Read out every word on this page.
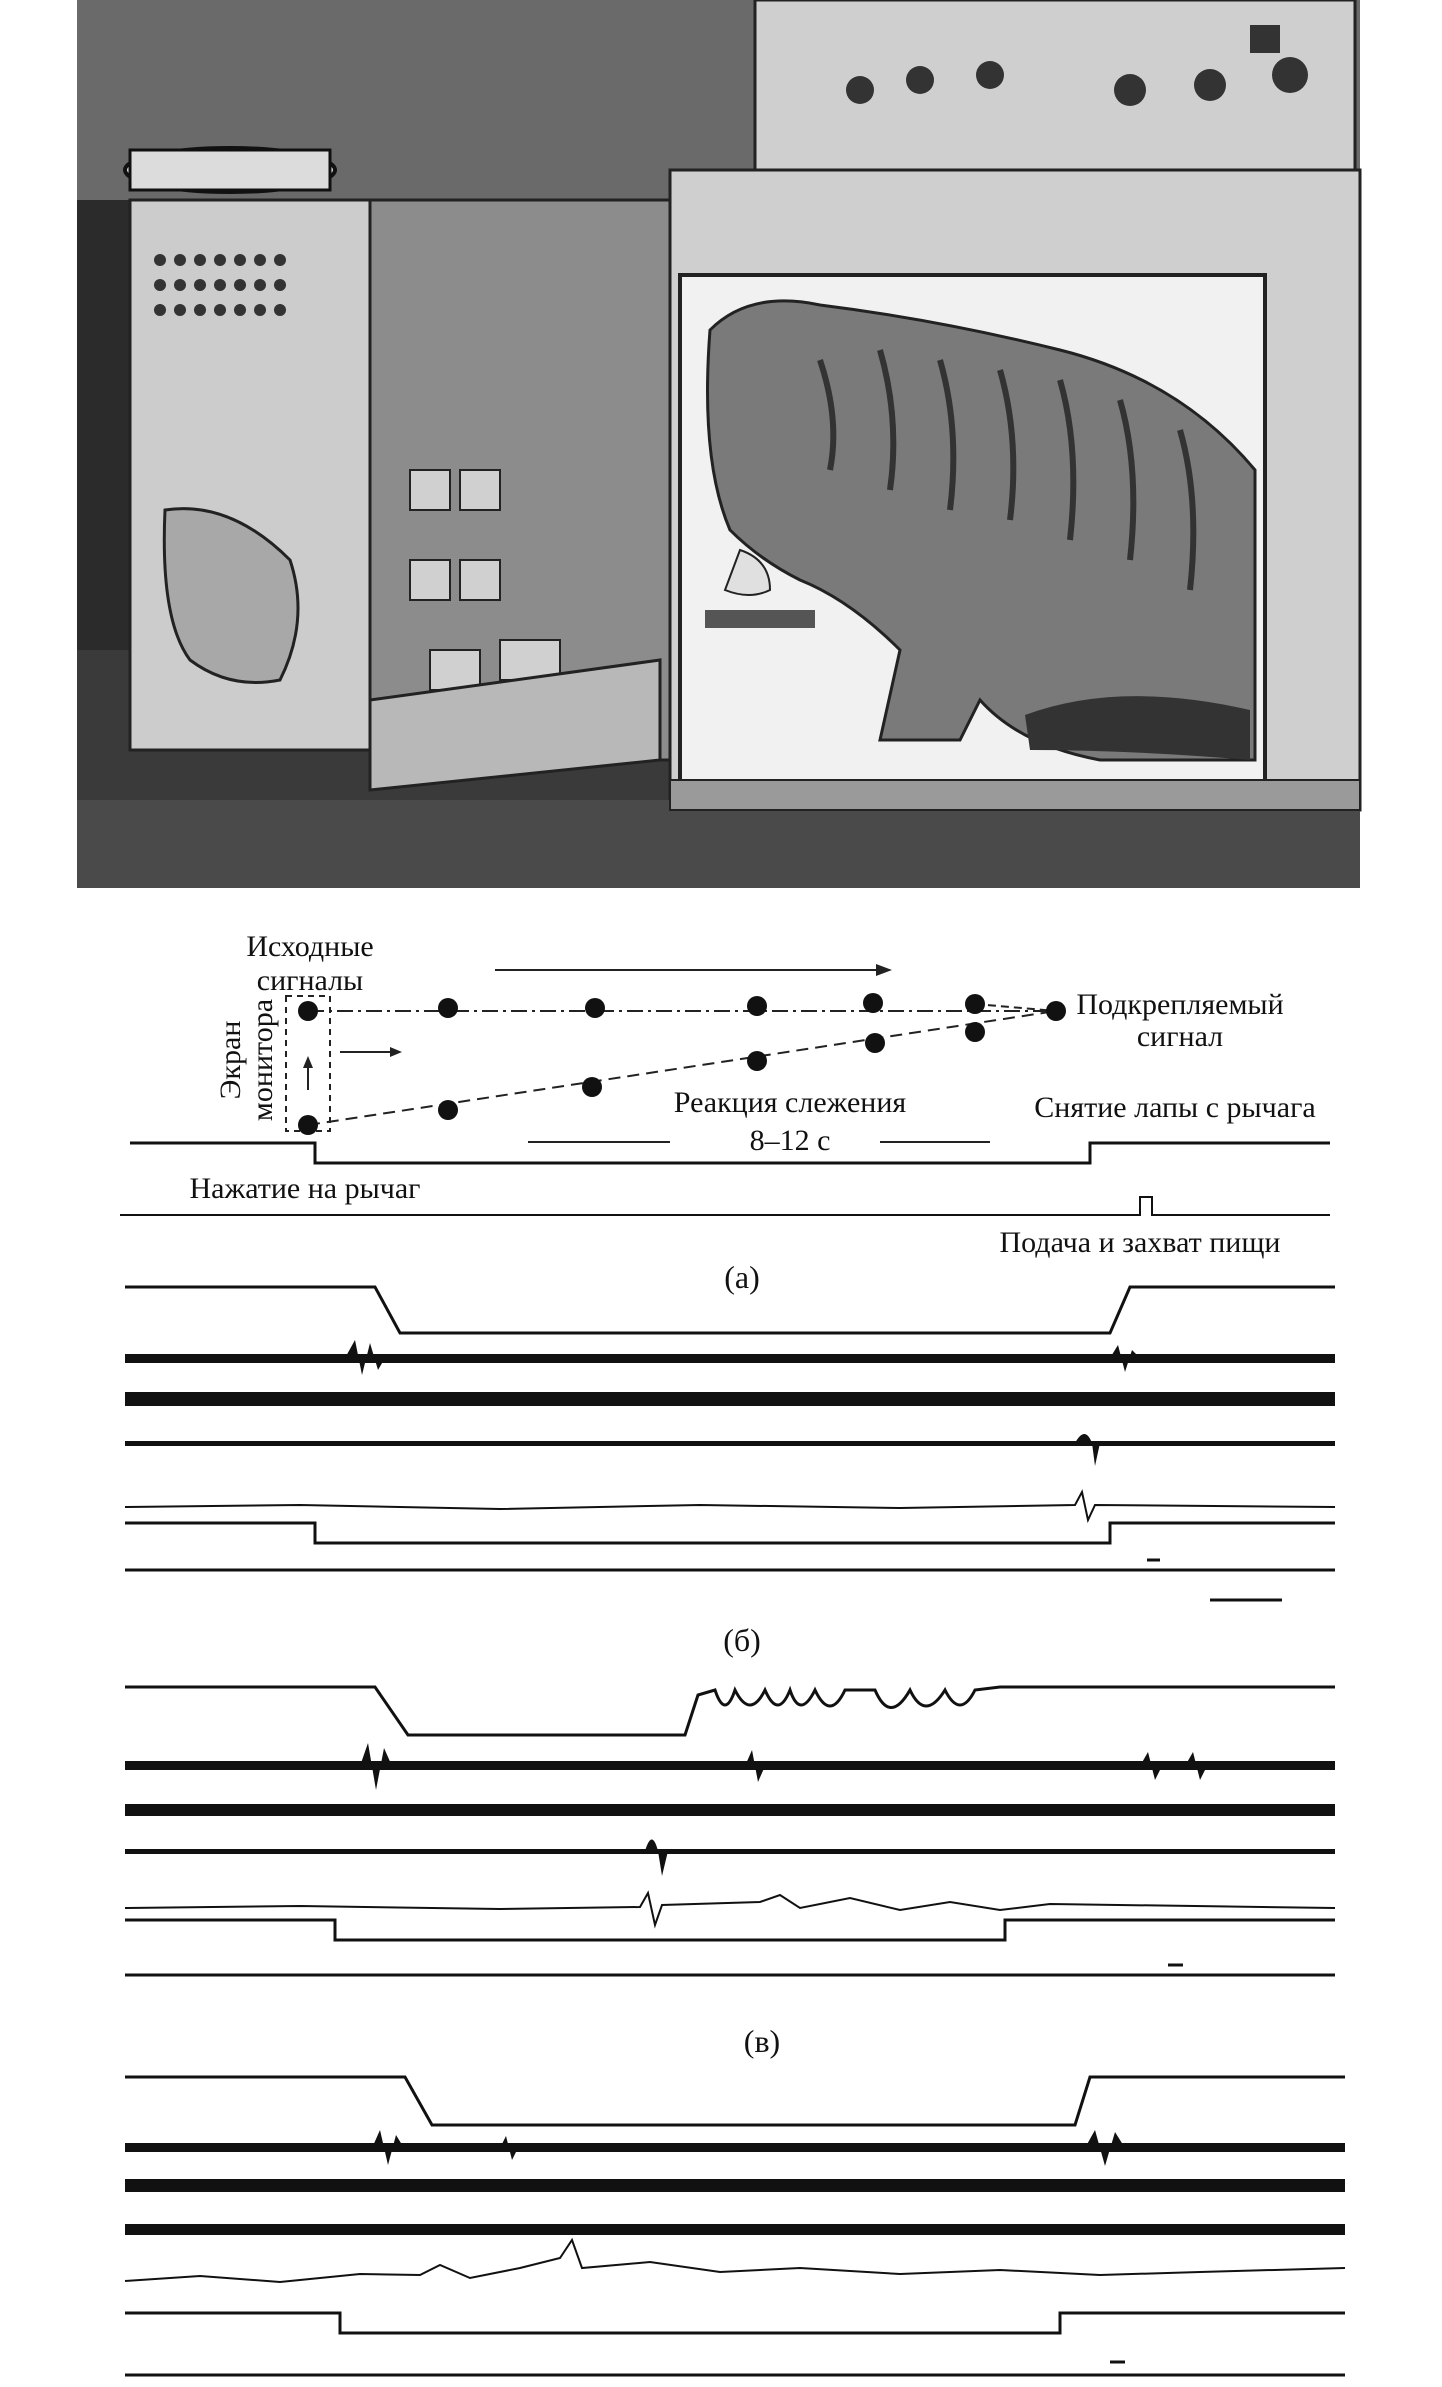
Исходные
сигналы
Экран монитора	Подкрепляемый
сигнал
Реакция слежения
8–12 с
Снятие лапы с рычага
Нажатие на рычаг
Подача и захват пищи
(а)
(б)
(в)
